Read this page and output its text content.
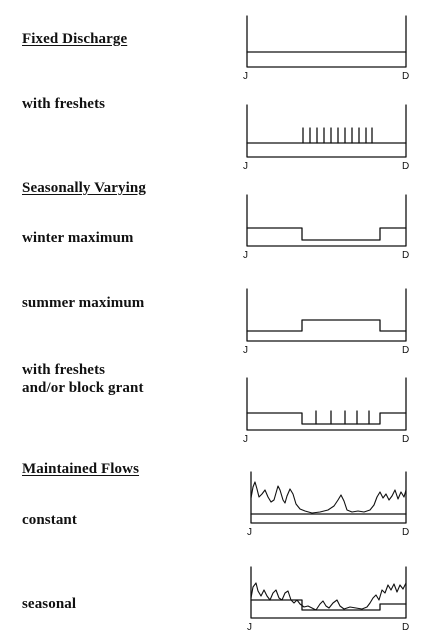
Fixed Discharge
with freshets
Seasonally Varying
winter maximum
summer maximum
with freshets
and/or block grant
Maintained Flows
constant
seasonal
J	D
J	D
J	D
J	D
J	D
J	D
J	D
